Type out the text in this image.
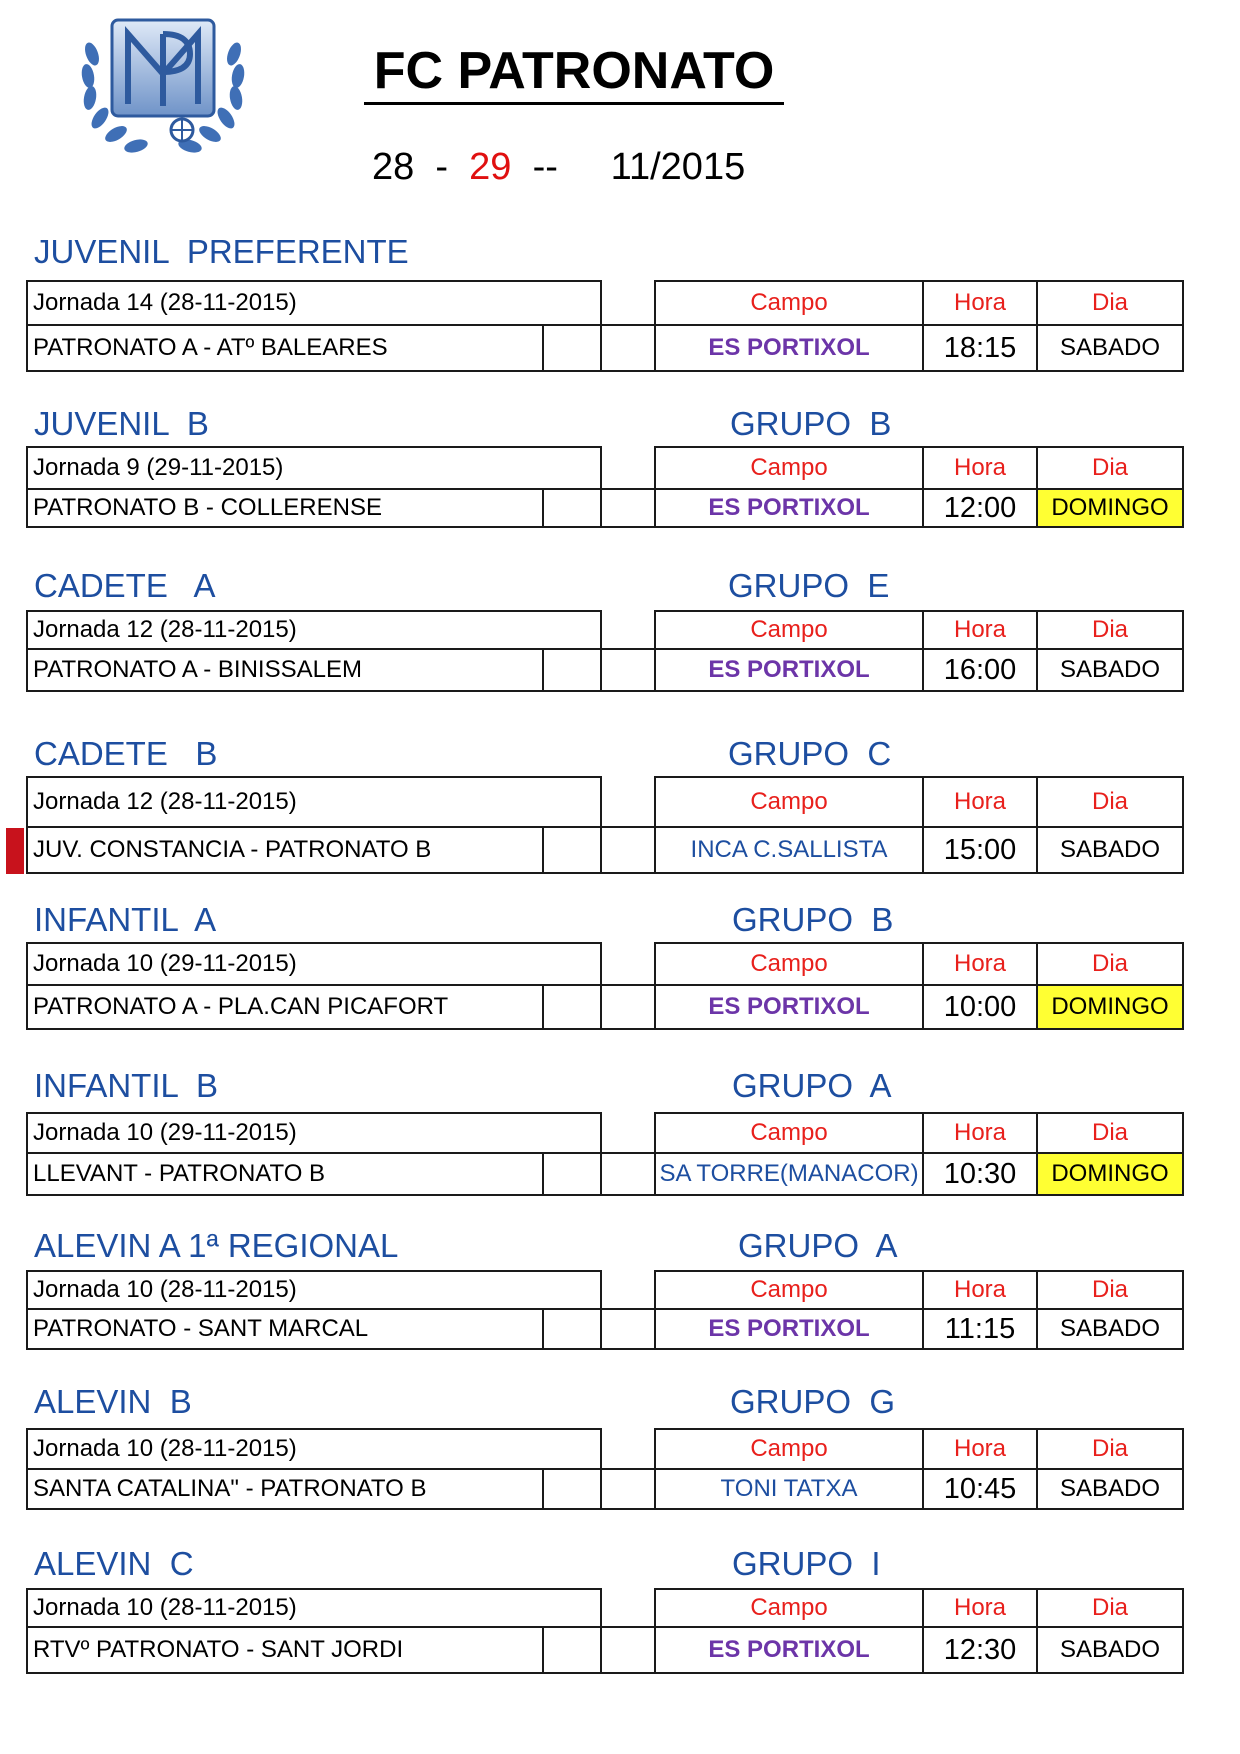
FC PATRONATO
28  -  29  --     11/2015
JUVENIL  PREFERENTE
Jornada 14 (28-11-2015)			Campo	Hora	Dia
PATRONATO A - ATº BALEARES			ES PORTIXOL	18:15	SABADO
JUVENIL  B	GRUPO  B
Jornada 9 (29-11-2015)			Campo	Hora	Dia
PATRONATO B - COLLERENSE			ES PORTIXOL	12:00	DOMINGO
CADETE   A	GRUPO  E
Jornada 12 (28-11-2015)			Campo	Hora	Dia
PATRONATO A - BINISSALEM			ES PORTIXOL	16:00	SABADO
CADETE   B	GRUPO  C
Jornada 12 (28-11-2015)			Campo	Hora	Dia
JUV. CONSTANCIA - PATRONATO B			INCA C.SALLISTA	15:00	SABADO
INFANTIL  A	GRUPO  B
Jornada 10 (29-11-2015)			Campo	Hora	Dia
PATRONATO A - PLA.CAN PICAFORT			ES PORTIXOL	10:00	DOMINGO
INFANTIL  B	GRUPO  A
Jornada 10 (29-11-2015)			Campo	Hora	Dia
LLEVANT - PATRONATO B			SA TORRE(MANACOR)	10:30	DOMINGO
ALEVIN A 1ª REGIONAL	GRUPO  A
Jornada 10 (28-11-2015)			Campo	Hora	Dia
PATRONATO - SANT MARCAL			ES PORTIXOL	11:15	SABADO
ALEVIN  B	GRUPO  G
Jornada 10 (28-11-2015)			Campo	Hora	Dia
SANTA CATALINA" - PATRONATO B			TONI TATXA	10:45	SABADO
ALEVIN  C	GRUPO  I
Jornada 10 (28-11-2015)			Campo	Hora	Dia
RTVº PATRONATO - SANT JORDI			ES PORTIXOL	12:30	SABADO
